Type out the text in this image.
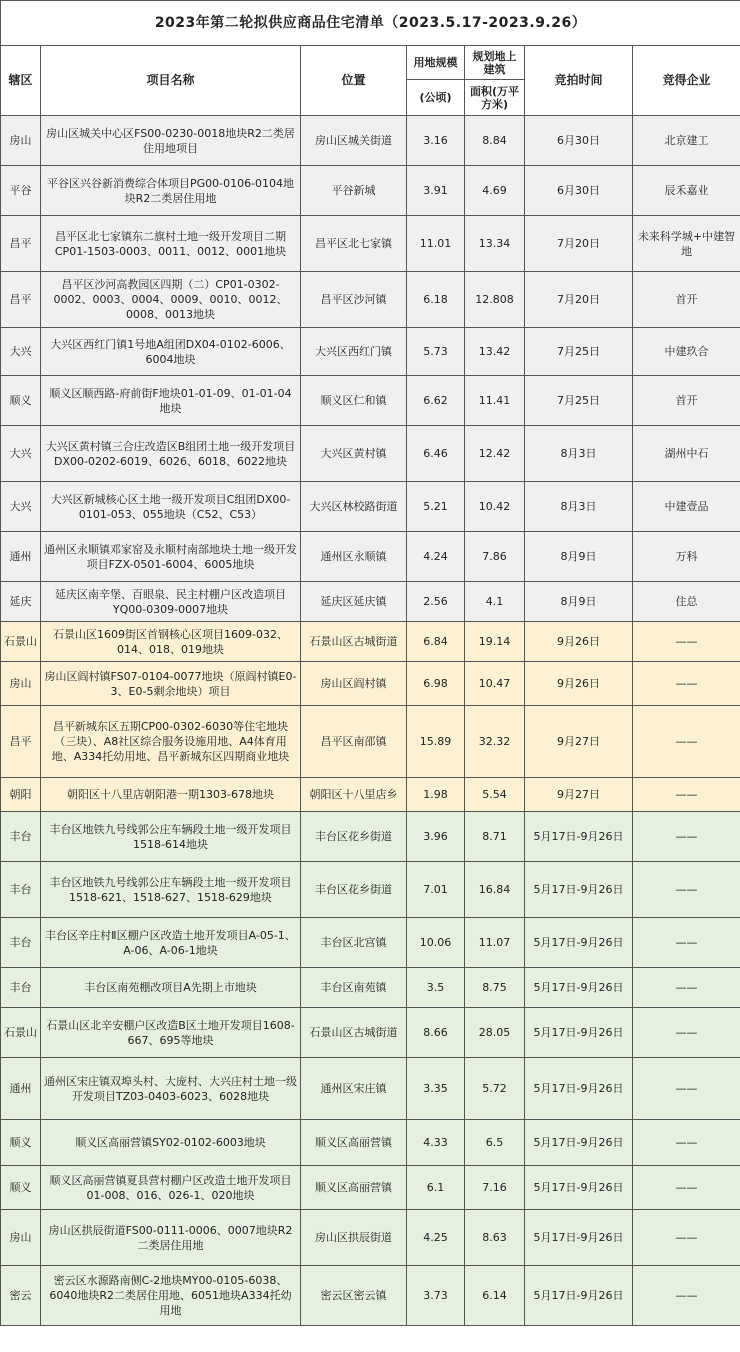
2023年第二轮拟供应商品住宅清单（2023.5.17-2023.9.26）						
辖区	项目名称	位置	用地规模	规划地上建筑	竞拍时间	竞得企业
			(公顷)	面积(万平方米)		
房山	房山区城关中心区FS00-0230-0018地块R2二类居住用地项目	房山区城关街道	3.16	8.84	6月30日	北京建工
平谷	平谷区兴谷新消费综合体项目PG00-0106-0104地块R2二类居住用地	平谷新城	3.91	4.69	6月30日	辰禾嘉业
昌平	昌平区北七家镇东二旗村土地一级开发项目二期CP01-1503-0003、0011、0012、0001地块	昌平区北七家镇	11.01	13.34	7月20日	未来科学城+中建智地
昌平	昌平区沙河高教园区四期（二）CP01-0302-0002、0003、0004、0009、0010、0012、0008、0013地块	昌平区沙河镇	6.18	12.808	7月20日	首开
大兴	大兴区西红门镇1号地A组团DX04-0102-6006、6004地块	大兴区西红门镇	5.73	13.42	7月25日	中建玖合
顺义	顺义区顺西路-府前街F地块01-01-09、01-01-04地块	顺义区仁和镇	6.62	11.41	7月25日	首开
大兴	大兴区黄村镇三合庄改造区B组团土地一级开发项目DX00-0202-6019、6026、6018、6022地块	大兴区黄村镇	6.46	12.42	8月3日	湖州中石
大兴	大兴区新城核心区土地一级开发项目C组团DX00-0101-053、055地块（C52、C53）	大兴区林校路街道	5.21	10.42	8月3日	中建壹品
通州	通州区永顺镇邓家窑及永顺村南部地块土地一级开发项目FZX-0501-6004、6005地块	通州区永顺镇	4.24	7.86	8月9日	万科
延庆	延庆区南辛堡、百眼泉、民主村棚户区改造项目YQ00-0309-0007地块	延庆区延庆镇	2.56	4.1	8月9日	住总
石景山	石景山区1609街区首钢核心区项目1609-032、014、018、019地块	石景山区古城街道	6.84	19.14	9月26日	——
房山	房山区阎村镇FS07-0104-0077地块（原阎村镇E0-3、E0-5剩余地块）项目	房山区阎村镇	6.98	10.47	9月26日	——
昌平	昌平新城东区五期CP00-0302-6030等住宅地块（三块）、A8社区综合服务设施用地、A4体育用地、A334托幼用地、昌平新城东区四期商业地块	昌平区南邵镇	15.89	32.32	9月27日	——
朝阳	朝阳区十八里店朝阳港一期1303-678地块	朝阳区十八里店乡	1.98	5.54	9月27日	——
丰台	丰台区地铁九号线郭公庄车辆段土地一级开发项目1518-614地块	丰台区花乡街道	3.96	8.71	5月17日-9月26日	——
丰台	丰台区地铁九号线郭公庄车辆段土地一级开发项目1518-621、1518-627、1518-629地块	丰台区花乡街道	7.01	16.84	5月17日-9月26日	——
丰台	丰台区辛庄村Ⅱ区棚户区改造土地开发项目A-05-1、A-06、A-06-1地块	丰台区北宫镇	10.06	11.07	5月17日-9月26日	——
丰台	丰台区南苑棚改项目A先期上市地块	丰台区南苑镇	3.5	8.75	5月17日-9月26日	——
石景山	石景山区北辛安棚户区改造B区土地开发项目1608-667、695等地块	石景山区古城街道	8.66	28.05	5月17日-9月26日	——
通州	通州区宋庄镇双埠头村、大庞村、大兴庄村土地一级开发项目TZ03-0403-6023、6028地块	通州区宋庄镇	3.35	5.72	5月17日-9月26日	——
顺义	顺义区高丽营镇SY02-0102-6003地块	顺义区高丽营镇	4.33	6.5	5月17日-9月26日	——
顺义	顺义区高丽营镇夏县营村棚户区改造土地开发项目01-008、016、026-1、020地块	顺义区高丽营镇	6.1	7.16	5月17日-9月26日	——
房山	房山区拱辰街道FS00-0111-0006、0007地块R2二类居住用地	房山区拱辰街道	4.25	8.63	5月17日-9月26日	——
密云	密云区水源路南侧C-2地块MY00-0105-6038、6040地块R2二类居住用地、6051地块A334托幼用地	密云区密云镇	3.73	6.14	5月17日-9月26日	——
